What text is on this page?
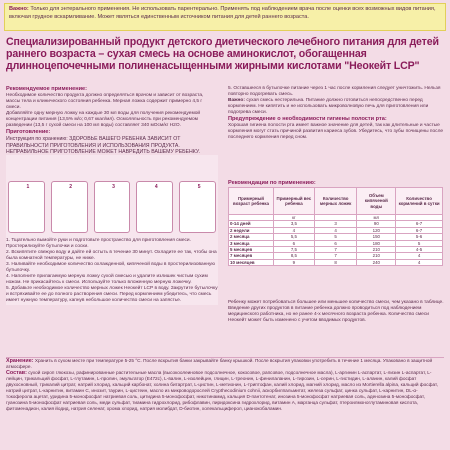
Важно: Только для энтерального применения. Не использовать парентерально. Применять под наблюдением врача после оценки всех возможных видов питания, включая грудное вскармливание. Может являться единственным источником питания для детей раннего возраста.
Специализированный продукт детского диетического лечебного питания для детей раннего возраста – сухая смесь на основе аминокислот, обогащенная длинноцепочечными полиненасыщенными жирными кислотами "Неокейт LCP"
Рекомендуемое применение:
Необходимое количество продукта должно определяться врачом и зависит от возраста, массы тела и клинического состояния ребенка. Мерная ложка содержит примерно 4,5 г смеси.
Добавляйте одну мерную ложку на каждые 30 мл воды для получения рекомендуемой концентрации питания (13,5% м/о; 0,67 ккал/мл). Осмоляльность при рекомендуемом разведении (13,5 г сухой смеси на 100 мл воды) составляет 340 мОсм/кг H2O.
Приготовление:
Инструкция по хранению: ЗДОРОВЬЕ ВАШЕГО РЕБЕНКА ЗАВИСИТ ОТ ПРАВИЛЬНОСТИ ПРИГОТОВЛЕНИЯ И ИСПОЛЬЗОВАНИЯ ПРОДУКТА. НЕПРАВИЛЬНОЕ ПРИГОТОВЛЕНИЕ МОЖЕТ НАВРЕДИТЬ ВАШЕМУ РЕБЕНКУ.
1	2	3	4	5
1. Тщательно вымойте руки и подготовьте пространство для приготовления смеси. Простерилизуйте бутылочки и соски.
2. Вскипятите свежую воду и дайте ей остыть в течение 30 минут. Охладите ее так, чтобы она была комнатной температуры, не ниже.
3. Наливайте необходимое количество охлажденной, кипяченой воды в простерилизованную бутылочку.
4. Наполните прилагаемую мерную ложку сухой смесью и удалите излишек чистым сухим ножом. Не прикасайтесь к смеси. Используйте только вложенную мерную ложечку.
5. Добавьте необходимое количество мерных ложек Неокейт LCP в воду. Закрутите бутылочку и встряхивайте ее до полного растворения смеси. Перед кормлением убедитесь, что смесь имеет нужную температуру, капнув небольшое количество смеси на запястье.
5. Оставшееся в бутылочке питание через 1 час после кормления следует уничтожить. Нельзя повторно подогревать смесь.
Важно: сухая смесь нестерильна. Питание должно готовиться непосредственно перед кормлением. Не кипятить и не использовать микроволновую печь для приготовления или подогрева смеси.
Предупреждение о необходимости гигиены полости рта:
Хорошая гигиена полости рта имеет важное значение для детей, так как длительные и частые кормления могут стать причиной развития кариеса зубов. Убедитесь, что зубы почищены после последнего кормления перед сном.
Рекомендации по применению:
Примерный возраст ребенка	Примерный вес ребенка	Количество мерных ложек	Объем кипяченой воды	Количество кормлений в сутки
	кг		мл	
0-14 дней	3,5	3	90	6-7
2 недели	4	4	120	6-7
2 месяца	5,5	5	150	5-6
3 месяца	6	6	180	5
5 месяцев	7,5	7	210	4-5
7 месяцев	8,5	7	210	4
10 месяцев	9	8	240	4
Ребенку может потребоваться большее или меньшее количество смеси, чем указано в таблице. Введение других продуктов в питание ребенка должно проводиться под наблюдением медицинского работника, но не ранее 4-х месячного возраста ребенка. Количество смеси Неокейт может быть изменено с учетом вводимых продуктов.
Хранение: Хранить в сухом месте при температуре 5-25 °С. После вскрытия банки закрывайте банку крышкой. После вскрытия упаковки употребить в течение 1 месяца. Упаковано в защитной атмосфере.
Состав: сухой сироп глюкозы, рафинированные растительные масла (высокоолеиновое подсолнечное, кокосовое, рапсовое, подсолнечное масла), L-аргинин L-аспартат, L-лизин L-аспартат, L-лейцин, трикальций фосфат, L-глутамин, L-пролин, эмульгатор (Е472с), L-валин, L-изолейцин, глицин, L-треонин, L-фенилаланин, L-тирозин, L-серин, L-гистидин, L-аланин, калий фосфат двухосновный, трикалий цитрат, натрий хлорид, кальций карбонат, холина битартрат, L-цистин, L-метионин, L-триптофан, калий хлорид, магний хлорид, масло из Mortierella alpina, кальций фосфат, натрий цитрат, L-карнитин, витамин C, инозит, таурин, L-цистеин, масло из микроводорослей Crypthecodinium cohnii, аскорбилпальмитат, железа сульфат, цинка сульфат, L-карнитин, DL-α-токоферола ацетат, уридина 5-монофосфат натриевая соль, цитидина 5-монофосфат, никотинамид, кальция D-пантотенат, инозина 5-монофосфат натриевая соль, аденозина 5-монофосфат, гуанозина 5-монофосфат натриевая соль, меди сульфат, тиамина гидрохлорид, рибофлавин, пиридоксина гидрохлорид, витамин А, марганца сульфат, птероилмоноглутаминовая кислота, фитоменадион, калия йодид, натрия селенат, хрома хлорид, натрия молибдат, D-биотин, холекальциферол, цианокобаламин.
